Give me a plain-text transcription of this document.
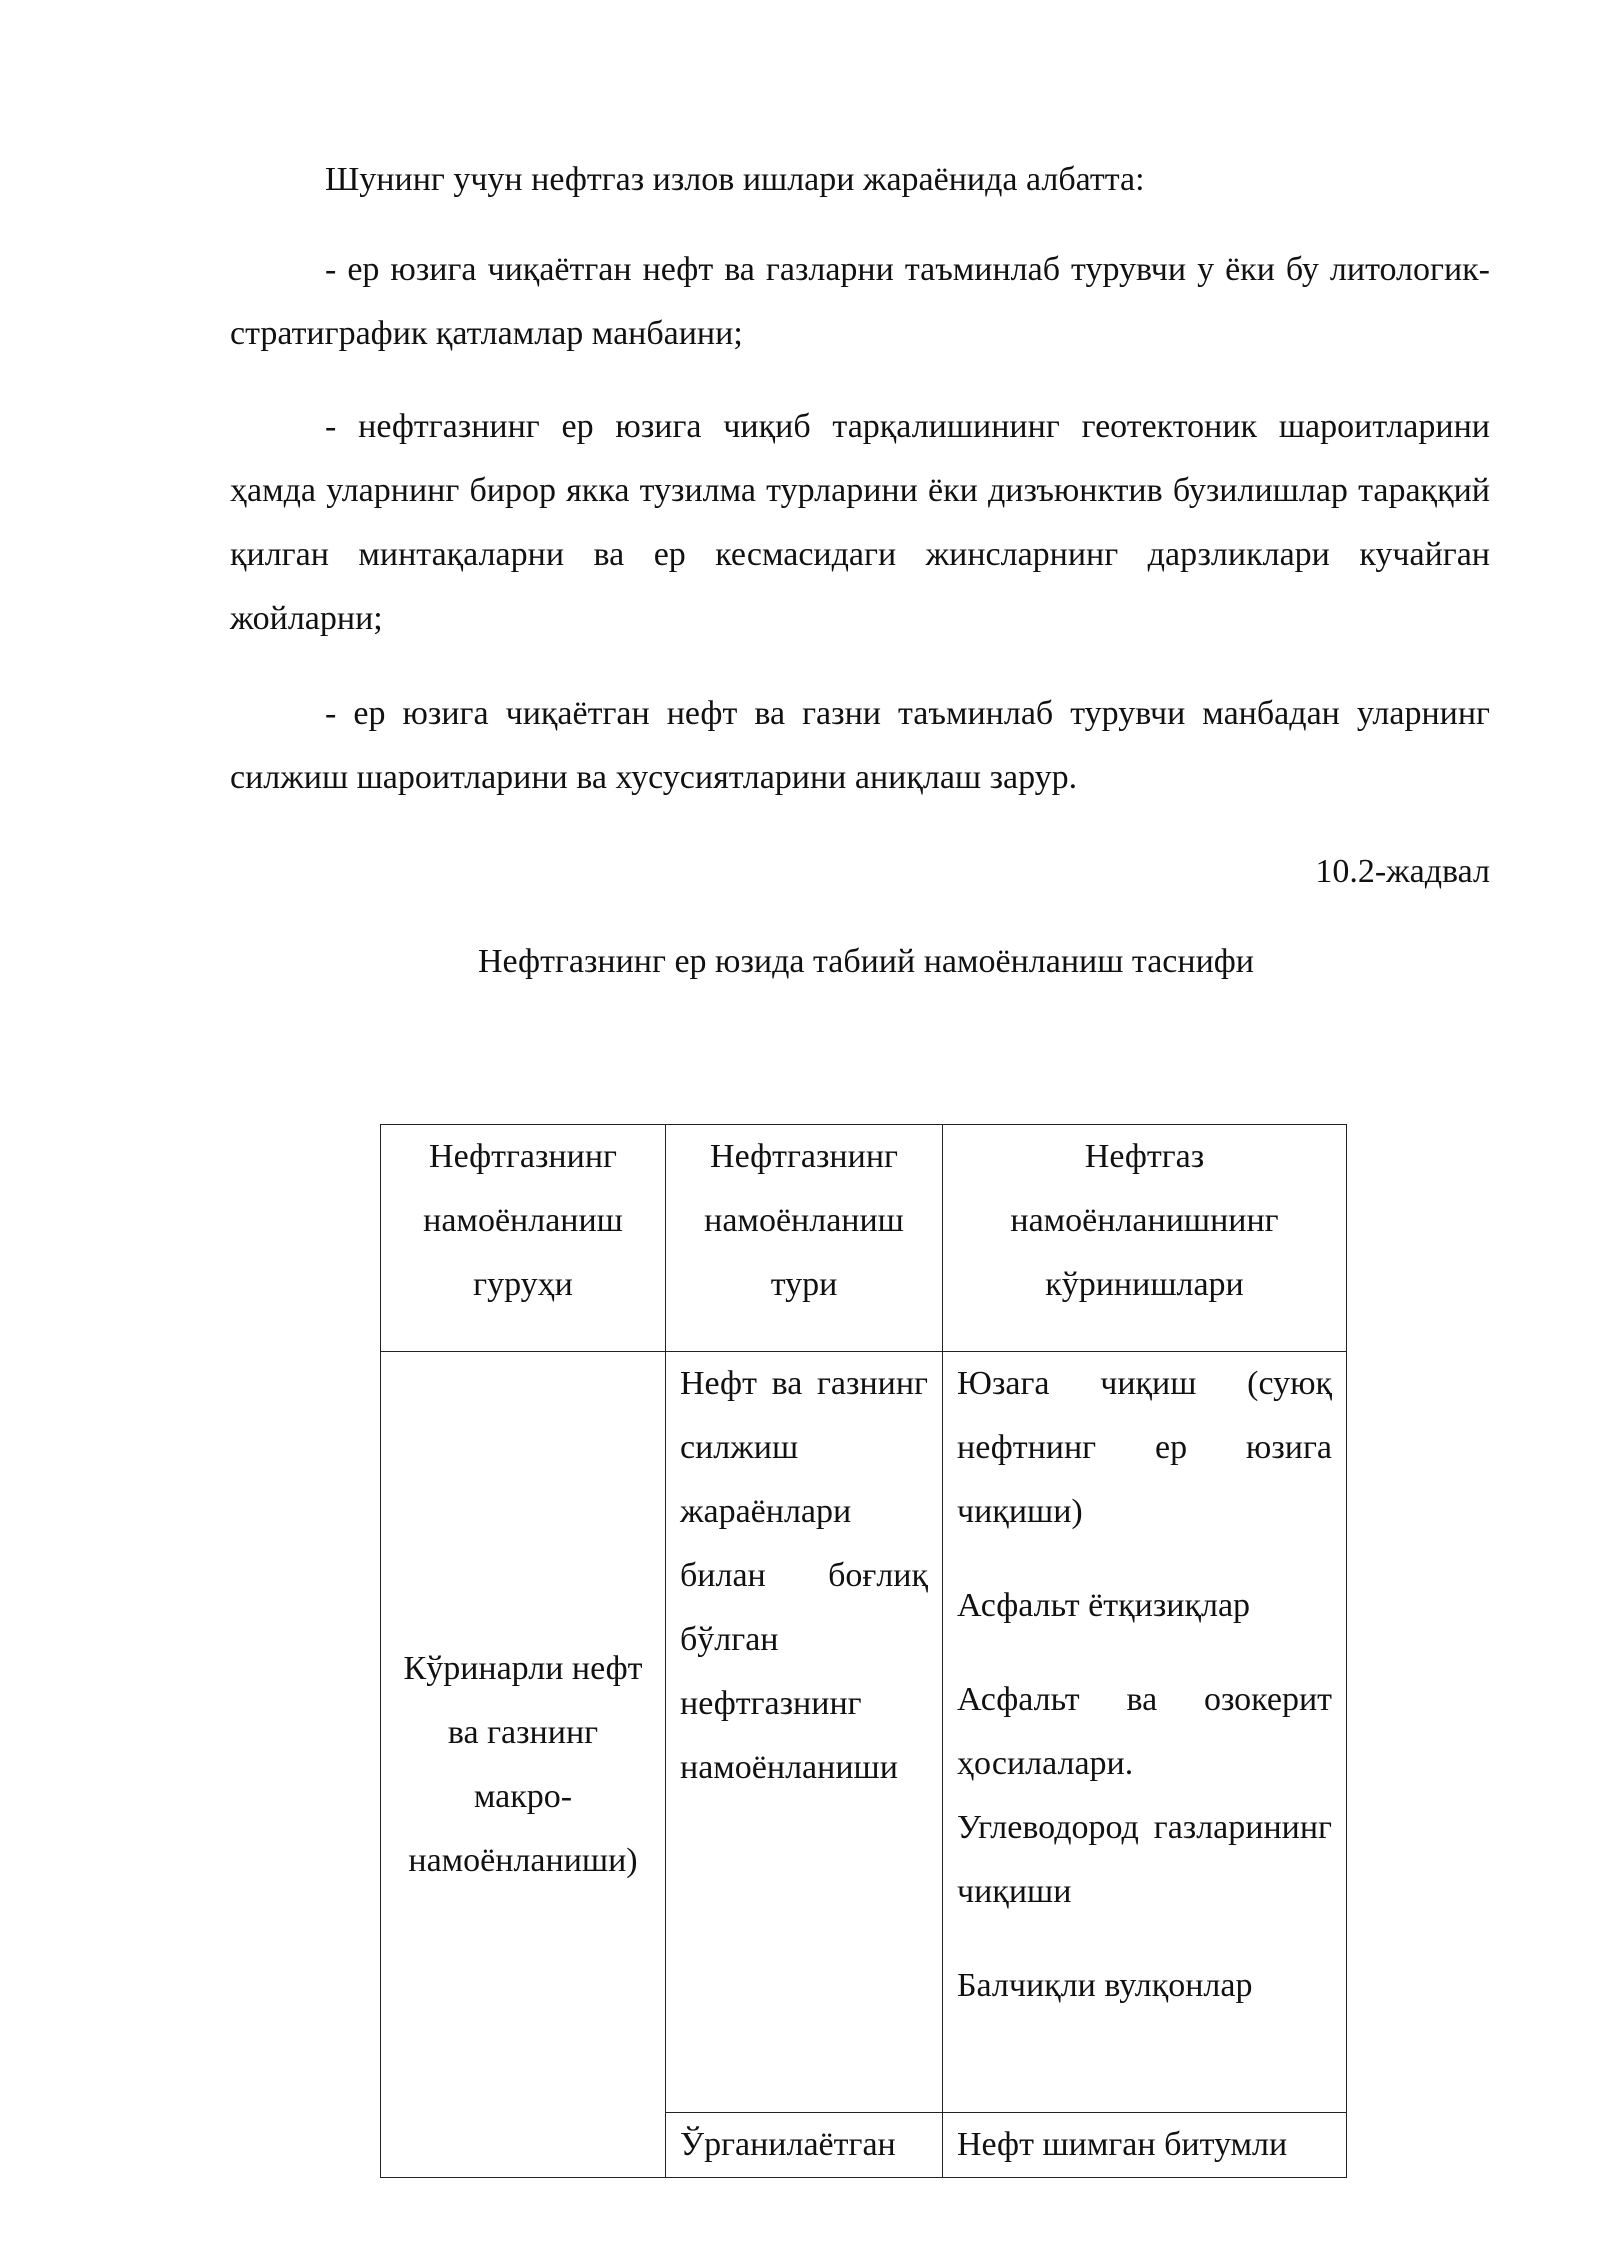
Шунинг учун нефтгаз излов ишлари жараёнида албатта:
- ер юзига чиқаётган нефт ва газларни таъминлаб турувчи у ёки бу литологик-стратиграфик қатламлар манбаини;
- нефтгазнинг ер юзига чиқиб тарқалишининг геотектоник шароитларини ҳамда уларнинг бирор якка тузилма турларини ёки дизъюнктив бузилишлар тараққий қилган минтақаларни ва ер кесмасидаги жинсларнинг дарзликлари кучайган жойларни;
- ер юзига чиқаётган нефт ва газни таъминлаб турувчи манбадан уларнинг силжиш шароитларини ва хусусиятларини аниқлаш зарур.
10.2-жадвал
Нефтгазнинг ер юзида табиий намоёнланиш таснифи
Нефтгазнинг намоёнланиш гуруҳи	Нефтгазнинг намоёнланиш тури	Нефтгаз намоёнланишнинг кўринишлари

Кўринарли нефт ва газнинг макро-намоёнланиши)	Нефт ва газнинг силжиш жараёнлари билан боғлиқ бўлган нефтгазнинг намоёнланиши	Юзага чиқиш (суюқ нефтнинг ер юзига чиқиши)
Асфальт ётқизиқлар
Асфальт ва озокерит ҳосилалари.
Углеводород газларининг чиқиши
Балчиқли вулқонлар

	Ўрганилаётган	Нефт шимган битумли
